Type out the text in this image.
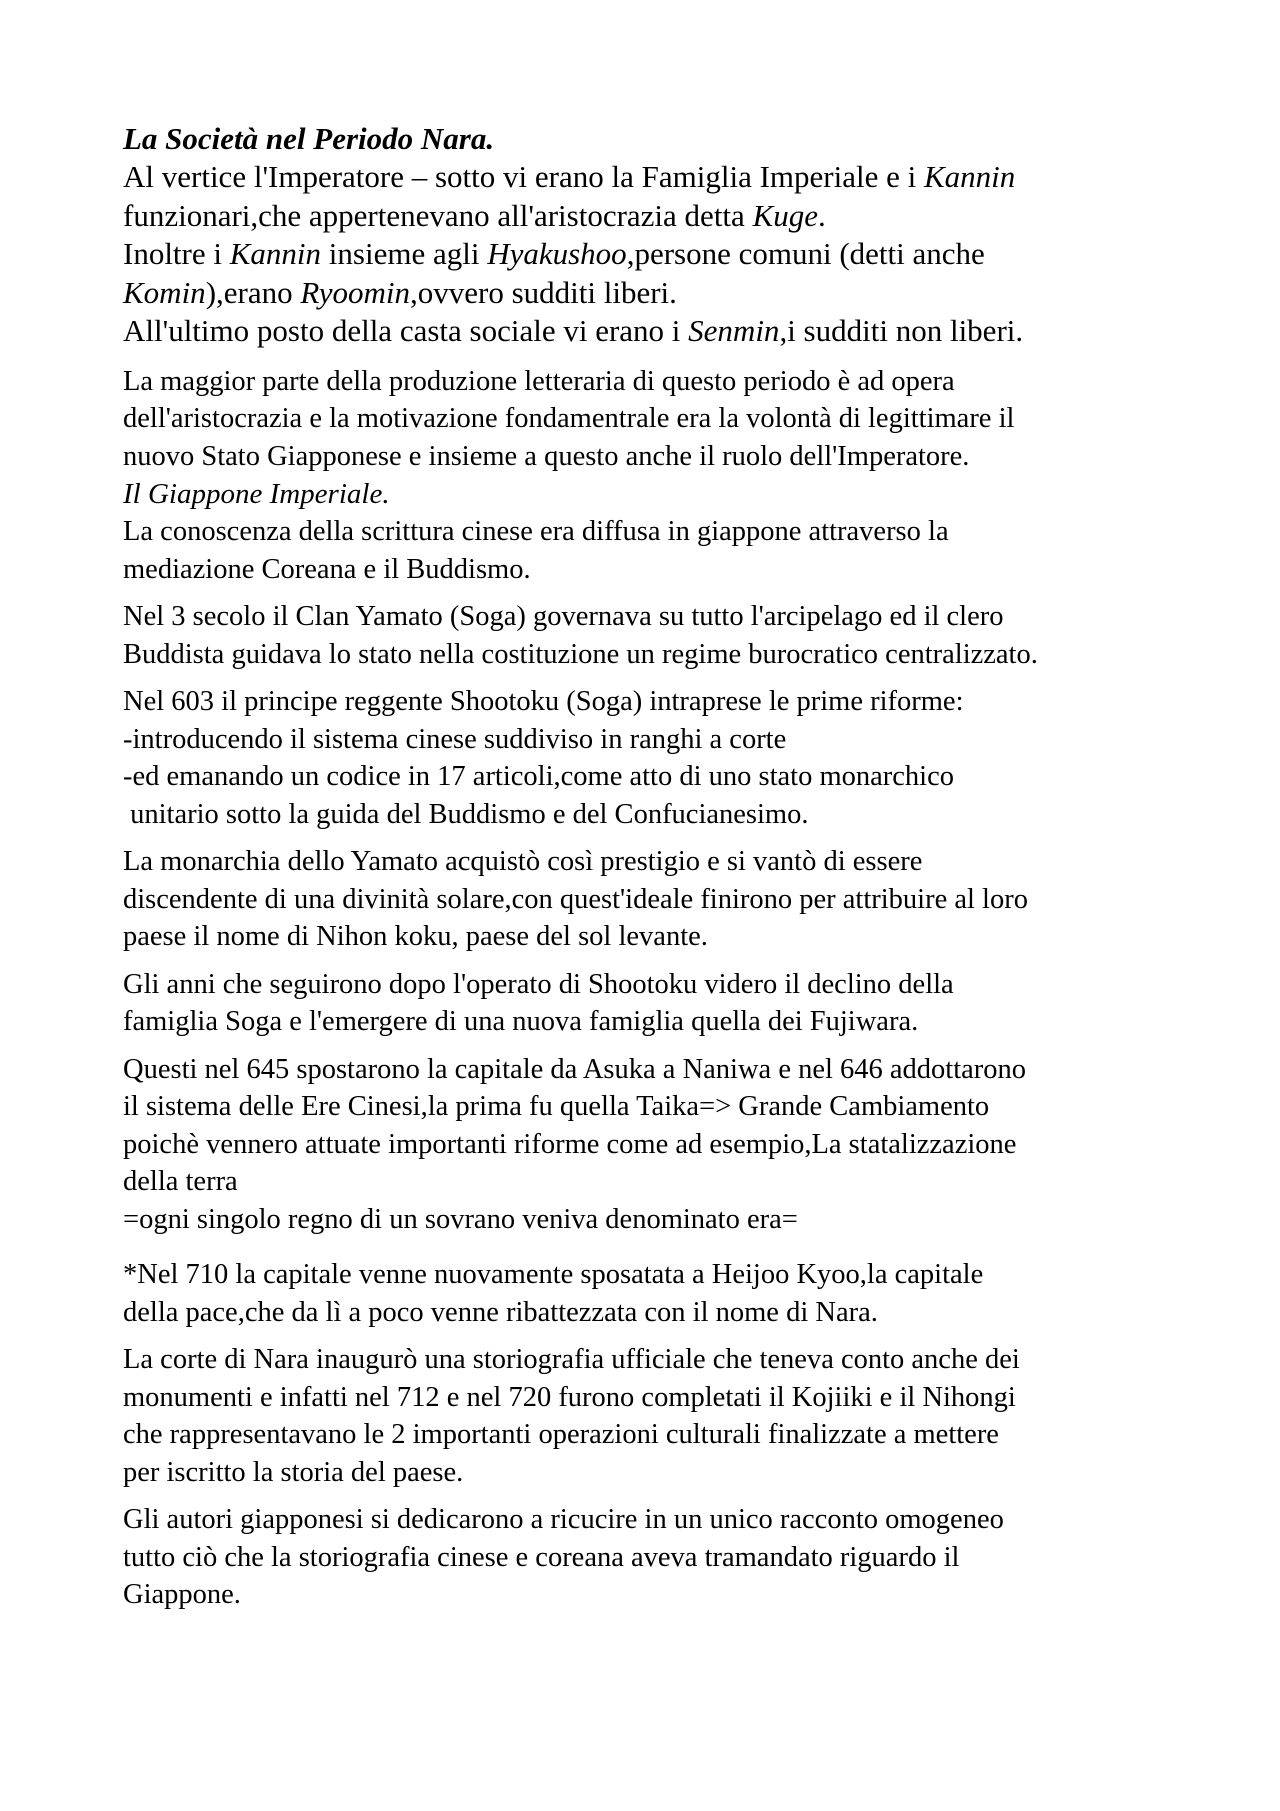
La Società nel Periodo Nara.

Al vertice l'Imperatore – sotto vi erano la Famiglia Imperiale e i Kannin
funzionari,che appertenevano all'aristocrazia detta Kuge.
Inoltre i Kannin insieme agli Hyakushoo,persone comuni (detti anche
Komin),erano Ryoomin,ovvero sudditi liberi.
All'ultimo posto della casta sociale vi erano i Senmin,i sudditi non liberi.
La maggior parte della produzione letteraria di questo periodo è ad opera
dell'aristocrazia e la motivazione fondamentrale era la volontà di legittimare il
nuovo Stato Giapponese e insieme a questo anche il ruolo dell'Imperatore.

Il Giappone Imperiale.

La conoscenza della scrittura cinese era diffusa in giappone attraverso la
mediazione Coreana e il Buddismo.
Nel 3 secolo il Clan Yamato (Soga) governava su tutto l'arcipelago ed il clero
Buddista guidava lo stato nella costituzione un regime burocratico centralizzato.
Nel 603 il principe reggente Shootoku (Soga) intraprese le prime riforme:
-introducendo il sistema cinese suddiviso in ranghi a corte
-ed emanando un codice in 17 articoli,come atto di uno stato monarchico
unitario sotto la guida del Buddismo e del Confucianesimo.
La monarchia dello Yamato acquistò così prestigio e si vantò di essere
discendente di una divinità solare,con quest'ideale finirono per attribuire al loro
paese il nome di Nihon koku, paese del sol levante.
Gli anni che seguirono dopo l'operato di Shootoku videro il declino della
famiglia Soga e l'emergere di una nuova famiglia quella dei Fujiwara.
Questi nel 645 spostarono la capitale da Asuka a Naniwa e nel 646 addottarono
il sistema delle Ere Cinesi,la prima fu quella Taika=> Grande Cambiamento
poichè vennero attuate importanti riforme come ad esempio,La statalizzazione
della terra
=ogni singolo regno di un sovrano veniva denominato era=
*Nel 710 la capitale venne nuovamente sposatata a Heijoo Kyoo,la capitale
della pace,che da lì a poco venne ribattezzata con il nome di Nara.
La corte di Nara inaugurò una storiografia ufficiale che teneva conto anche dei
monumenti e infatti nel 712 e nel 720 furono completati il Kojiiki e il Nihongi
che rappresentavano le 2 importanti operazioni culturali finalizzate a mettere
per iscritto la storia del paese.
Gli autori giapponesi si dedicarono a ricucire in un unico racconto omogeneo
tutto ciò che la storiografia cinese e coreana aveva tramandato riguardo il
Giappone.
